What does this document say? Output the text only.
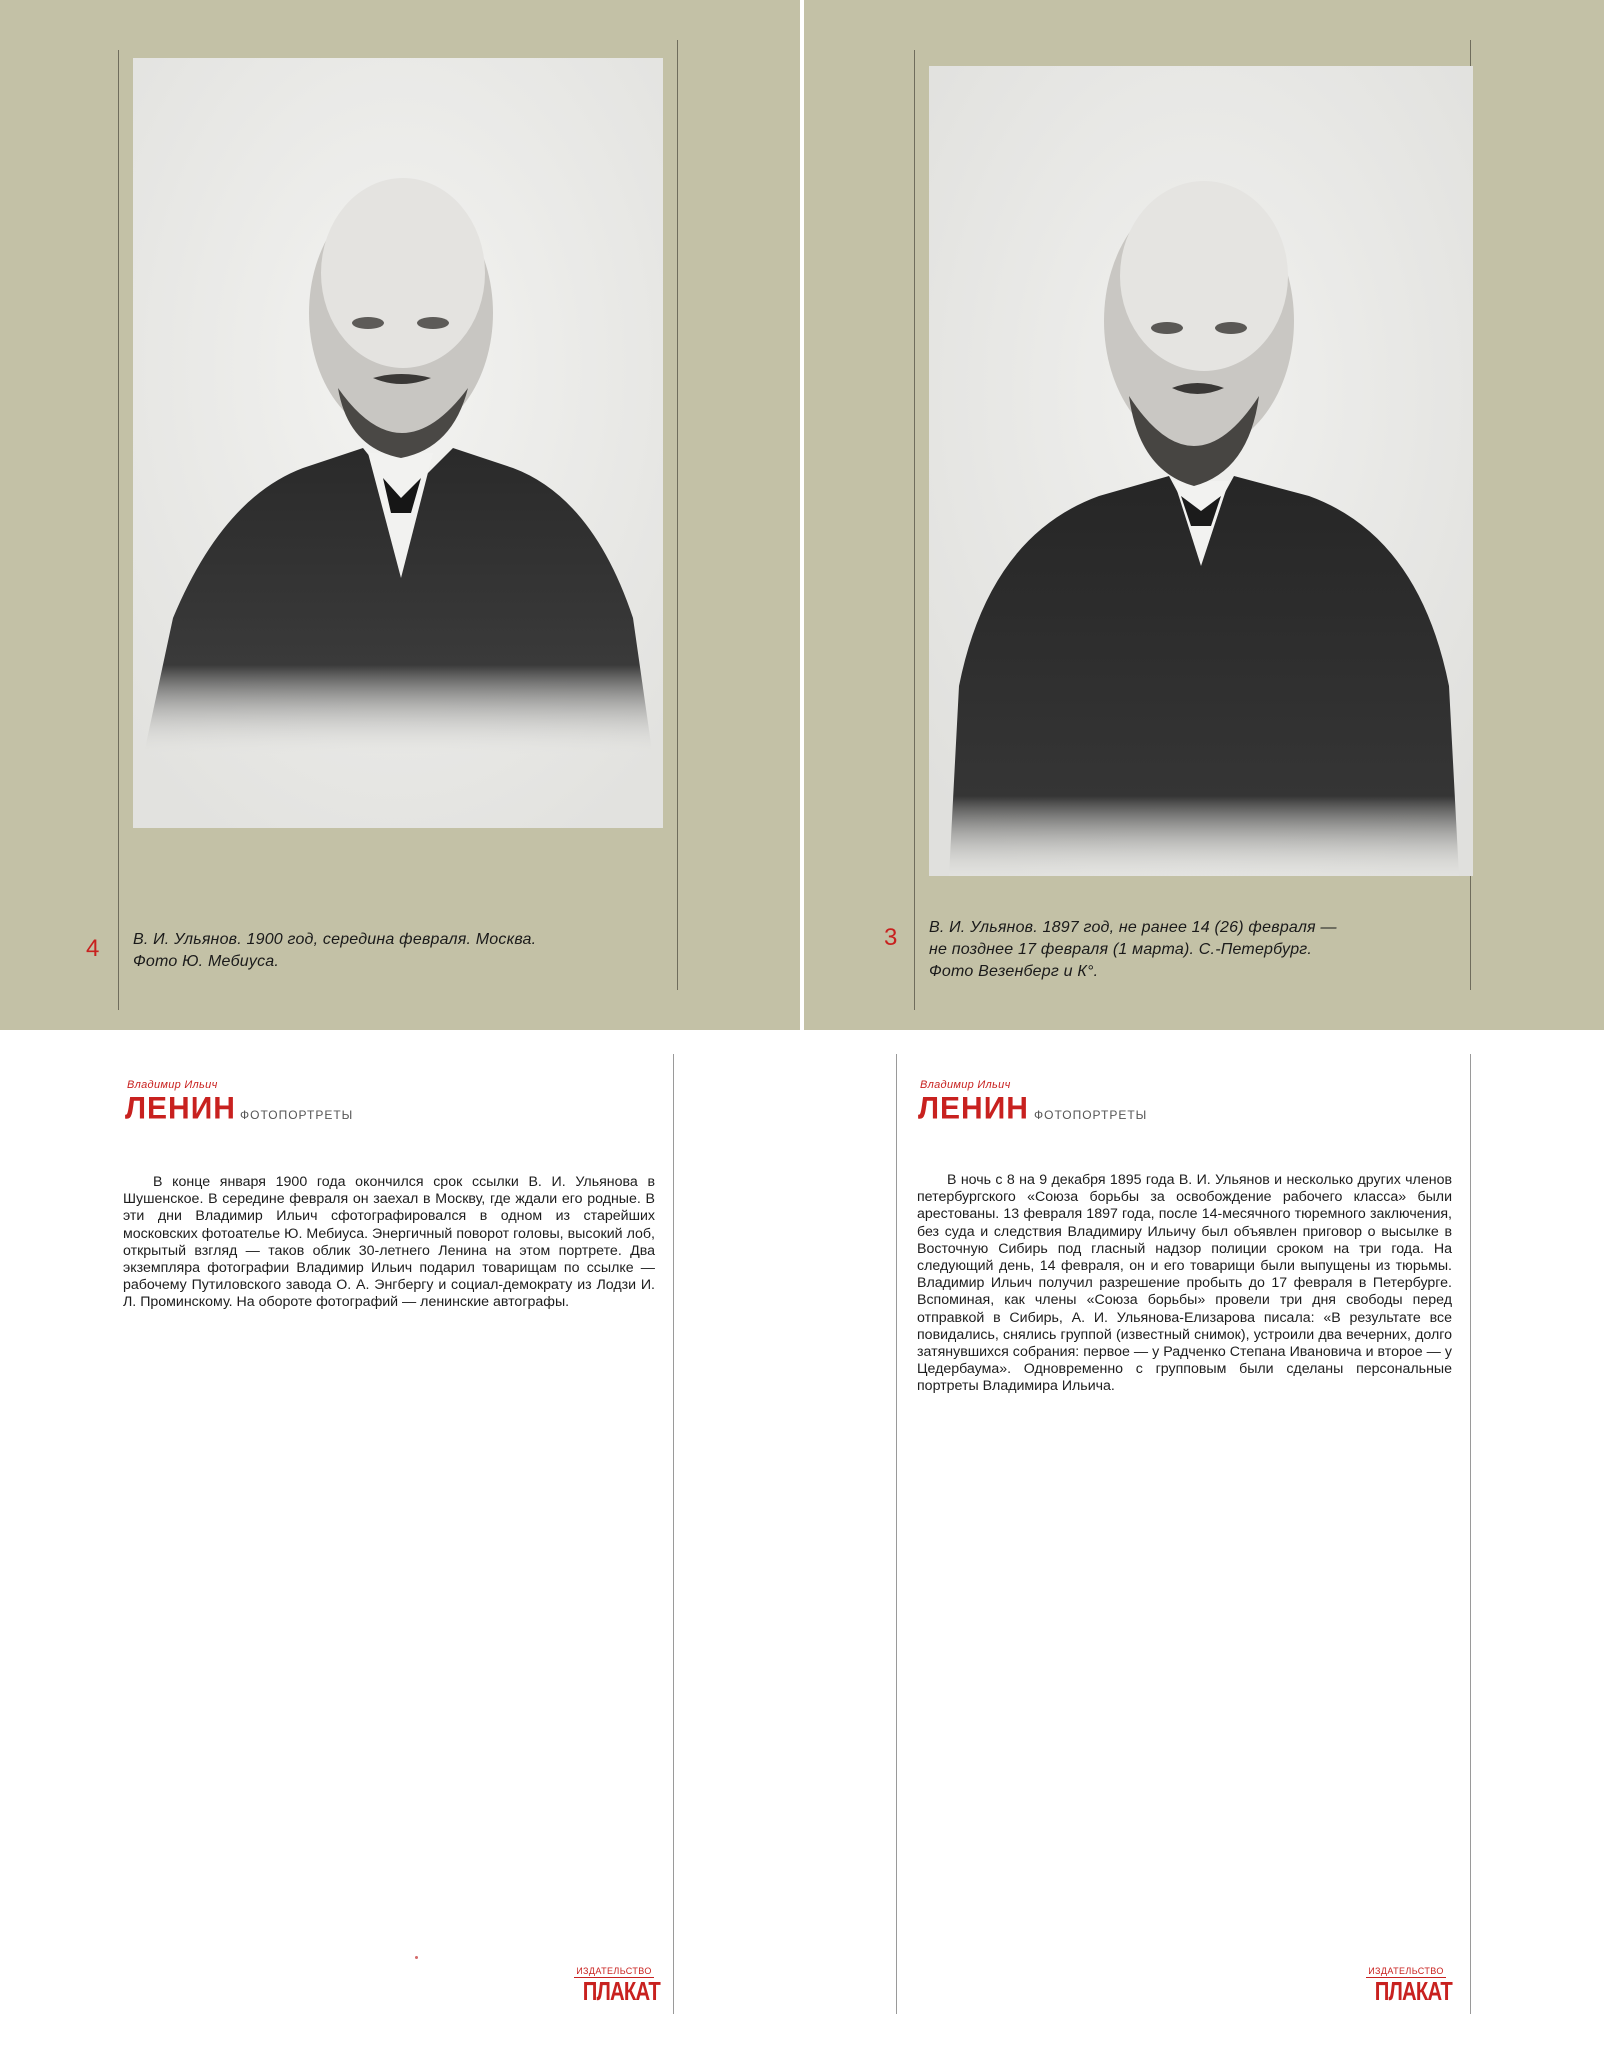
4 В. И. Ульянов. 1900 год, середина февраля. Москва.
Фото Ю. Мебиуса.
3 В. И. Ульянов. 1897 год, не ранее 14 (26) февраля —
не позднее 17 февраля (1 марта). С.-Петербург.
Фото Везенберг и К°.
Владимир Ильич
ЛЕНИН ФОТОПОРТРЕТЫ
В конце января 1900 года окончился срок ссылки В. И. Ульянова в Шушенское. В середине февраля он заехал в Москву, где ждали его родные. В эти дни Владимир Ильич сфотографировался в одном из старейших московских фотоателье Ю. Мебиуса. Энергичный поворот головы, высокий лоб, открытый взгляд — таков облик 30-летнего Ленина на этом портрете. Два экземпляра фотографии Владимир Ильич подарил товарищам по ссылке — рабочему Путиловского завода О. А. Энгбергу и социал-демократу из Лодзи И. Л. Проминскому. На обороте фотографий — ленинские автографы.
ИЗДАТЕЛЬСТВО
ПЛАКАТ
Владимир Ильич
ЛЕНИН ФОТОПОРТРЕТЫ
В ночь с 8 на 9 декабря 1895 года В. И. Ульянов и несколько других членов петербургского «Союза борьбы за освобождение рабочего класса» были арестованы. 13 февраля 1897 года, после 14-месячного тюремного заключения, без суда и следствия Владимиру Ильичу был объявлен приговор о высылке в Восточную Сибирь под гласный надзор полиции сроком на три года. На следующий день, 14 февраля, он и его товарищи были выпущены из тюрьмы. Владимир Ильич получил разрешение пробыть до 17 февраля в Петербурге. Вспоминая, как члены «Союза борьбы» провели три дня свободы перед отправкой в Сибирь, А. И. Ульянова-Елизарова писала: «В результате все повидались, снялись группой (известный снимок), устроили два вечерних, долго затянувшихся собрания: первое — у Радченко Степана Ивановича и второе — у Цедербаума». Одновременно с групповым были сделаны персональные портреты Владимира Ильича.
ИЗДАТЕЛЬСТВО
ПЛАКАТ
